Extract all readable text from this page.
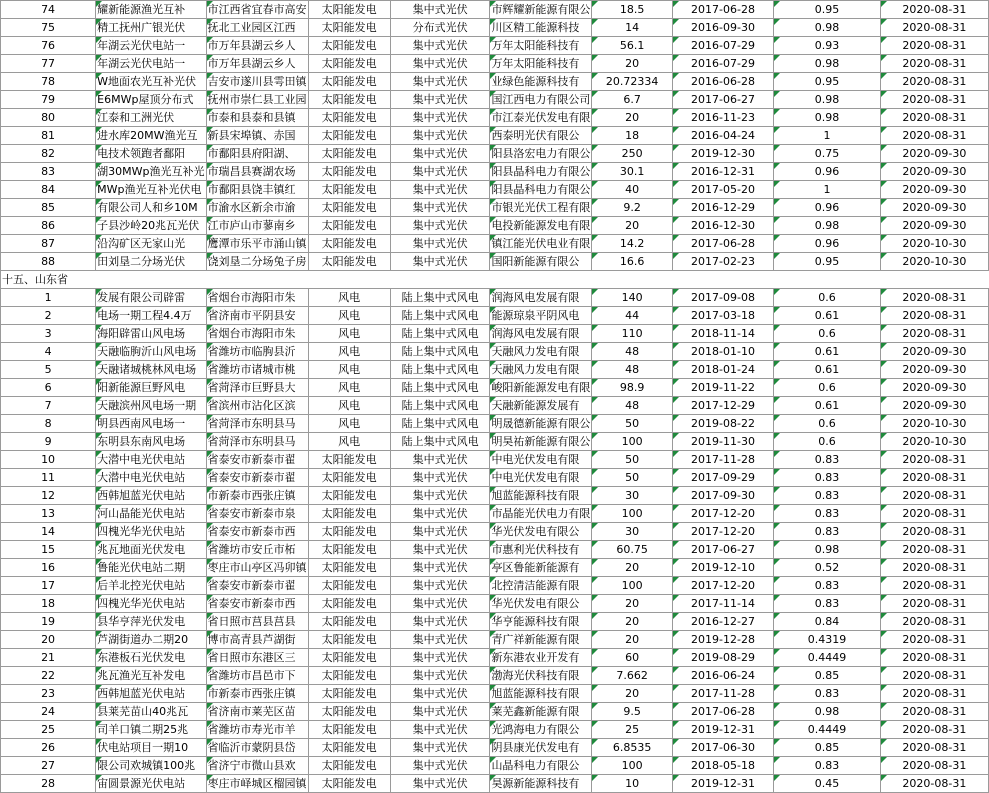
74	耀新能源渔光互补	市江西省宜春市高安	太阳能发电	集中式光伏	市辉耀新能源有限公	18.5	2017-06-28	0.95	2020-08-31
75	精工抚州广银光伏	抚北工业园区江西	太阳能发电	分布式光伏	川区精工能源科技	14	2016-09-30	0.98	2020-08-31
76	年湖云光伏电站一	市万年县湖云乡人	太阳能发电	集中式光伏	万年太阳能科技有	56.1	2016-07-29	0.93	2020-08-31
77	年湖云光伏电站一	市万年县湖云乡人	太阳能发电	集中式光伏	万年太阳能科技有	20	2016-07-29	0.98	2020-08-31
78	W地面农光互补光伏	吉安市遂川县雩田镇	太阳能发电	集中式光伏	业绿色能源科技有	20.72334	2016-06-28	0.95	2020-08-31
79	E6MWp屋顶分布式	抚州市崇仁县工业园	太阳能发电	集中式光伏	国江西电力有限公司	6.7	2017-06-27	0.98	2020-08-31
80	江泰和工洲光伏	市泰和县泰和县镇	太阳能发电	集中式光伏	市江泰光伏发电有限	20	2016-11-23	0.98	2020-08-31
81	进水库20MW渔光互	新县宋埠镇、赤国	太阳能发电	集中式光伏	西泰明光伏有限公	18	2016-04-24	1	2020-08-31
82	电技术领跑者鄱阳	市鄱阳县府阳湖、	太阳能发电	集中式光伏	阳县洛宏电力有限公	250	2019-12-30	0.75	2020-09-30
83	湖30MWp渔光互补光	市瑞昌县赛湖农场	太阳能发电	集中式光伏	阳县晶科电力有限公	30.1	2016-12-31	0.96	2020-09-30
84	MWp渔光互补光伏电	市鄱阳县饶丰镇红	太阳能发电	集中式光伏	阳县晶科电力有限公	40	2017-05-20	1	2020-09-30
85	有限公司人和乡10M	市渝水区新余市渝	太阳能发电	集中式光伏	市银光光伏工程有限	9.2	2016-12-29	0.96	2020-09-30
86	子县沙岭20兆瓦光伏	江市庐山市蓼南乡	太阳能发电	集中式光伏	电投新能源发电有限	20	2016-12-30	0.98	2020-09-30
87	沿沟矿区无家山光	鹰潭市乐平市涌山镇	太阳能发电	集中式光伏	镇江能光伏电业有限	14.2	2017-06-28	0.96	2020-10-30
88	田刘垦二分场光伏	饶刘垦二分场兔子房	太阳能发电	集中式光伏	国阳新能源有限公	16.6	2017-02-23	0.95	2020-10-30
十五、山东省									
1	发展有限公司辟雷	省烟台市海阳市朱	风电	陆上集中式风电	润海风电发展有限	140	2017-09-08	0.6	2020-08-31
2	电场一期工程4.4万	省济南市平阴县安	风电	陆上集中式风电	能源琼泉平阴风电	44	2017-03-18	0.61	2020-08-31
3	海阳辟雷山风电场	省烟台市海阳市朱	风电	陆上集中式风电	润海风电发展有限	110	2018-11-14	0.6	2020-08-31
4	天融临朐沂山风电场	省潍坊市临朐县沂	风电	陆上集中式风电	天融风力发电有限	48	2018-01-10	0.61	2020-09-30
5	天融诸城桃林风电场	省潍坊市诸城市桃	风电	陆上集中式风电	天融风力发电有限	48	2018-01-24	0.61	2020-09-30
6	阳新能源巨野风电	省菏泽市巨野县大	风电	陆上集中式风电	峻阳新能源发电有限	98.9	2019-11-22	0.6	2020-09-30
7	天融滨州风电场一期	省滨州市沾化区滨	风电	陆上集中式风电	天融新能源发展有	48	2017-12-29	0.61	2020-09-30
8	明县西南风电场一	省菏泽市东明县马	风电	陆上集中式风电	明晟德新能源有限公	50	2019-08-22	0.6	2020-10-30
9	东明县东南风电场	省菏泽市东明县马	风电	陆上集中式风电	明昊祐新能源有限公	100	2019-11-30	0.6	2020-10-30
10	大潜中电光伏电站	省泰安市新泰市翟	太阳能发电	集中式光伏	中电光伏发电有限	50	2017-11-28	0.83	2020-08-31
11	大潜中电光伏电站	省泰安市新泰市翟	太阳能发电	集中式光伏	中电光伏发电有限	50	2017-09-29	0.83	2020-08-31
12	西韩旭蓝光伏电站	市新泰市西张庄镇	太阳能发电	集中式光伏	旭蓝能源科技有限	30	2017-09-30	0.83	2020-08-31
13	河山晶能光伏电站	省泰安市新泰市泉	太阳能发电	集中式光伏	市晶能光伏电力有限	100	2017-12-20	0.83	2020-08-31
14	四槐光华光伏电站	省泰安市新泰市西	太阳能发电	集中式光伏	华光伏发电有限公	30	2017-12-20	0.83	2020-08-31
15	兆瓦地面光伏发电	省潍坊市安丘市柘	太阳能发电	集中式光伏	市惠利光伏科技有	60.75	2017-06-27	0.98	2020-08-31
16	鲁能光伏电站二期	枣庄市山亭区冯卯镇	太阳能发电	集中式光伏	亭区鲁能新能源有	20	2019-12-10	0.52	2020-08-31
17	后羊北控光伏电站	省泰安市新泰市翟	太阳能发电	集中式光伏	北控清洁能源有限	100	2017-12-20	0.83	2020-08-31
18	四槐光华光伏电站	省泰安市新泰市西	太阳能发电	集中式光伏	华光伏发电有限公	20	2017-11-14	0.83	2020-08-31
19	县华亨萍光伏发电	省日照市莒县莒县	太阳能发电	集中式光伏	华亨能源科技有限	20	2016-12-27	0.84	2020-08-31
20	芦湖街道办二期20	博市高青县芦湖街	太阳能发电	集中式光伏	青广祥新能源有限	20	2019-12-28	0.4319	2020-08-31
21	东港板石光伏发电	省日照市东港区三	太阳能发电	集中式光伏	新东港农业开发有	60	2019-08-29	0.4449	2020-08-31
22	兆瓦渔光互补发电	省潍坊市昌邑市下	太阳能发电	集中式光伏	渤海光伏科技有限	7.662	2016-06-24	0.85	2020-08-31
23	西韩旭蓝光伏电站	市新泰市西张庄镇	太阳能发电	集中式光伏	旭蓝能源科技有限	20	2017-11-28	0.83	2020-08-31
24	县莱芜苗山40兆瓦	省济南市莱芜区苗	太阳能发电	集中式光伏	莱芜鑫新能源有限	9.5	2017-06-28	0.98	2020-08-31
25	司羊口镇二期25兆	省潍坊市寿光市羊	太阳能发电	集中式光伏	光鸿海电力有限公	25	2019-12-31	0.4449	2020-08-31
26	伏电站项目一期10	省临沂市蒙阴县岱	太阳能发电	集中式光伏	阴县康光伏发电有	6.8535	2017-06-30	0.85	2020-08-31
27	限公司欢城镇100兆	省济宁市微山县欢	太阳能发电	集中式光伏	山晶科电力有限公	100	2018-05-18	0.83	2020-08-31
28	宙圆景源光伏电站	枣庄市峄城区榴园镇	太阳能发电	集中式光伏	昊源新能源科技有	10	2019-12-31	0.45	2020-08-31
